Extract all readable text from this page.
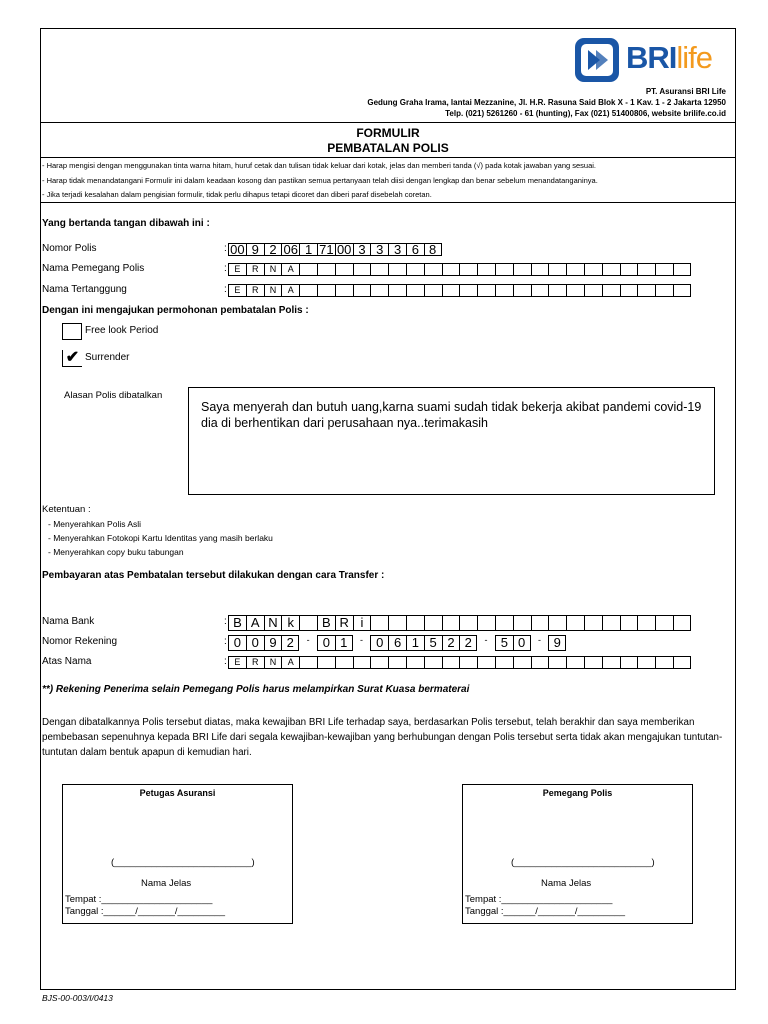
BRIlife
PT. Asuransi BRI Life
Gedung Graha Irama, lantai Mezzanine, Jl. H.R. Rasuna Said Blok X - 1 Kav. 1 - 2 Jakarta 12950
Telp. (021) 5261260 - 61 (hunting), Fax (021) 51400806, website brilife.co.id
FORMULIR
PEMBATALAN POLIS
- Harap mengisi dengan menggunakan tinta warna hitam, huruf cetak dan tulisan tidak keluar dari kotak, jelas dan memberi tanda (√) pada kotak jawaban yang sesuai.
- Harap tidak menandatangani Formulir ini dalam keadaan kosong dan pastikan semua pertanyaan telah diisi dengan lengkap dan benar sebelum menandatanganinya.
- Jika terjadi kesalahan dalam pengisian formulir, tidak perlu dihapus tetapi dicoret dan diberi paraf disebelah coretan.
Yang bertanda tangan dibawah ini :
Nomor Polis	: 00 9 2 06 1 71 00 3 3 3 6 8
Nama Pemegang Polis	: E	R	N	A
Nama Tertanggung	: E	R	N	A
Dengan ini mengajukan permohonan pembatalan Polis :
Free look Period
✔ Surrender
Alasan Polis dibatalkan
Saya menyerah dan butuh uang,karna suami sudah tidak bekerja akibat pandemi covid-19 dia di berhentikan dari perusahaan nya..terimakasih
Ketentuan :
- Menyerahkan Polis Asli
- Menyerahkan Fotokopi Kartu Identitas yang masih berlaku
- Menyerahkan copy buku tabungan
Pembayaran atas Pembatalan tersebut dilakukan dengan cara Transfer :
Nama Bank	: B A N k	B R i
Nomor Rekening	: 0 0 9 2	-	0 1	-	0 6 1 5 2 2	-	5 0	- 9
Atas Nama	: E	R	N	A
**) Rekening Penerima selain Pemegang Polis harus melampirkan Surat Kuasa bermaterai
Dengan dibatalkannya Polis tersebut diatas, maka kewajiban BRI Life terhadap saya, berdasarkan Polis tersebut, telah berakhir dan saya memberikan
pembebasan sepenuhnya kepada BRI Life dari segala kewajiban-kewajiban yang berhubungan dengan Polis tersebut serta tidak akan mengajukan tuntutan-
tuntutan dalam bentuk apapun di kemudian hari.
Petugas Asuransi
(__________________________)
Nama Jelas
Tempat :_____________________
Tanggal :______/_______/_________
Pemegang Polis
(__________________________)
Nama Jelas
Tempat :_____________________
Tanggal :______/_______/_________
BJS-00-003/I/0413
